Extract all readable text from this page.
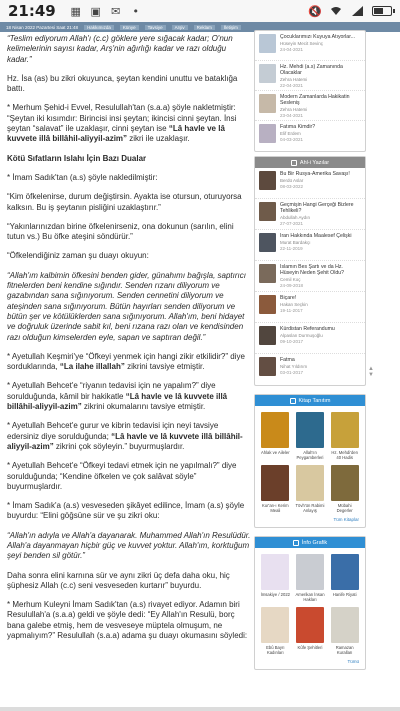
21:49 ▦ ▣ ✉ •	🔇
18 Nisan 2022 Pazartesi Saat 21:48	Hakkımızda	Künye	Tavsiye	Arşiv	Reklam	İletişim

“Teslim ediyorum Allah'ı (c.c) göklere yere sığacak kadar; O'nun kelimelerinin sayısı kadar, Arş'nin ağırlığı kadar ve razı olduğu kadar.”

Hz. İsa (as) bu zikri okuyunca, şeytan kendini unuttu ve bataklığa battı.

* Merhum Şehid-i Evvel, Resulullah'tan (s.a.a) şöyle nakletmiştir: “Şeytan iki kısımdır: Birincisi insi şeytan; ikincisi cinni şeytan. İnsi şeytan “salavat” ile uzaklaşır, cinni şeytan ise “Lâ havle ve lâ kuvvete illâ billâhil-aliyyil-azim” zikri ile uzaklaşır.

Kötü Sıfatların Islahı İçin Bazı Dualar

* İmam Sadık'tan (a.s) şöyle nakledilmiştir:

“Kim öfkelenirse, durum değiştirsin. Ayakta ise otursun, oturuyorsa kalksın. Bu iş şeytanın pisliğini uzaklaştırır.”

“Yakınlarınızdan birine öfkelenirseniz, ona dokunun (sarılın, elini tutun vs.) Bu öfke ateşini söndürür.”

“Öfkelendiğiniz zaman şu duayı okuyun:

“Allah'ım kalbimin öfkesini benden gider, günahımı bağışla, saptırıcı fitnelerden beni kendine sığındır. Senden rızanı diliyorum ve gazabından sana sığınıyorum. Senden cennetini diliyorum ve ateşinden sana sığınıyorum. Bütün hayırları senden diliyorum ve bütün şer ve kötülüklerden sana sığınıyorum. Allah'ım, beni hidayet ve doğruluk üzerinde sabit kıl, beni rızana razı olan ve kendisinden razı olduğun kimselerden eyle, sapan ve saptıran değil.”

* Ayetullah Keşmiri'ye “Öfkeyi yenmek için hangi zikir etkilidir?” diye sorduklarında, “La ilahe illallah” zikrini tavsiye etmiştir.

* Ayetullah Behcet'e “riyanın tedavisi için ne yapalım?” diye sorulduğunda, kâmil bir hakikatle “Lâ havle ve lâ kuvvete illâ billâhil-aliyyil-azim” zikrini okumalarını tavsiye etmiştir.

* Ayetullah Behcet'e gurur ve kibrin tedavisi için neyi tavsiye edersiniz diye sorulduğunda; “Lâ havle ve lâ kuvvete illâ billâhil-aliyyil-azim” zikrini çok söyleyin.” buyurmuşlardır.

* Ayetullah Behcet'e “Öfkeyi tedavi etmek için ne yapılmalı?” diye sorulduğunda; “Kendine öfkelen ve çok salâvat söyle” buyurmuşlardır.

* İmam Sadık'a (a.s) vesveseden şikâyet edilince, İmam (a.s) şöyle buyurdu: “Elini göğsüne sür ve şu zikri oku:

“Allah'ın adıyla ve Allah'a dayanarak. Muhammed Allah'ın Resulüdür. Allah'a dayanmayan hiçbir güç ve kuvvet yoktur. Allah'ım, korktuğum şeyi benden sil götür.”

Daha sonra elini karnına sür ve aynı zikri üç defa daha oku, hiç şüphesiz Allah (c.c) seni vesveseden kurtarır” buyurdu.

* Merhum Kuleyni İmam Sadık'tan (a.s) rivayet ediyor. Adamın biri Resulullah'a (s.a.a) geldi ve şöyle dedi: “Ey Allah'ın Resulü, borç bana galebe etmiş, hem de vesveseye müptela olmuşum, ne yapmalıyım?” Resulullah (s.a.a) adama şu duayı okumasını söyledi:

Çocuklarımızı Kuyuya Atıyorlar...
Hüseyin Mecit Sevinç
24-04-2021
Hz. Mehdi (a.s) Zamanında Olacaklar
Zehra Hatemi
22-04-2021
Modern Zamanlarda Hakikatin Sesleniş
Zehra Hatemi
23-04-2021
Fatıma Kimdir?
Elif Erdem
04-03-2021
Ahl-i Yazılar
Bu Bir Rusya-Amerika Savaşı!
Berdü Aslar
08-03-2022
Geçmişin Hangi Gerçeği Bizlere Tehlikeli?
Abdullah Aydın
27-07-2021
İran Hakkında Maalesef Çelişki
Murat Bardakçı
22-11-2019
İslamın Bes Şartı ve da Hz. Hüseyin Neden Şehit Oldu?
Cemil Koç
24-09-2018
Biçare!
Hakan Seçkin
19-11-2017
Kürdistan Referandumu
Alpaslan Durmuşoğlu
09-10-2017
Fatma
Nihat Yıldırım
03-01-2017
Kitap Tanıtım
Ahlak ve Aileler	Allah'ın Peygamberleri
Hz. Mehdi'den 40 Hadis
Kur'an-ı Kerim Meali
Tövh'ün Rabimi Anlayış
Mübahi Degerler
Tüm Kitaplar
İnfo Grafik
İmsakiye / 2022 Amerikan İnsan Hakları
Hanife Riyati
Ebû Bayrı Kadınları
Kûfe Şehitleri	Ramazan Kuralları
Tümü
▲
▼
